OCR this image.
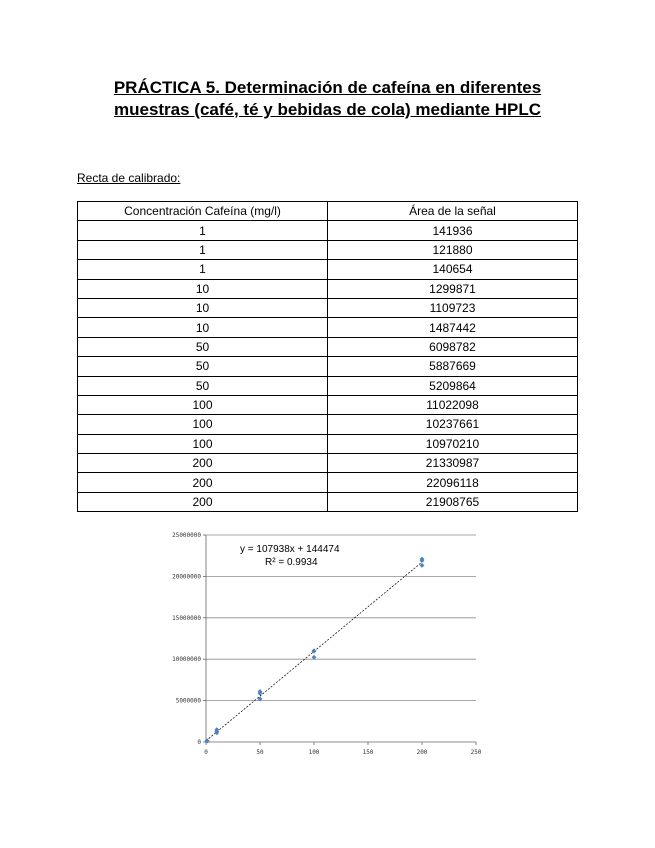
PRÁCTICA 5. Determinación de cafeína en diferentes
muestras (café, té y bebidas de cola) mediante HPLC
Recta de calibrado:
Concentración Cafeína (mg/l)	Área de la señal
1	141936
1	121880
1	140654
10	1299871
10	1109723
10	1487442
50	6098782
50	5887669
50	5209864
100	11022098
100	10237661
100	10970210
200	21330987
200	22096118
200	21908765
0
5000000
10000000
15000000
20000000
25000000
0	50	100	150	200	250
y = 107938x + 144474
R² = 0.9934
